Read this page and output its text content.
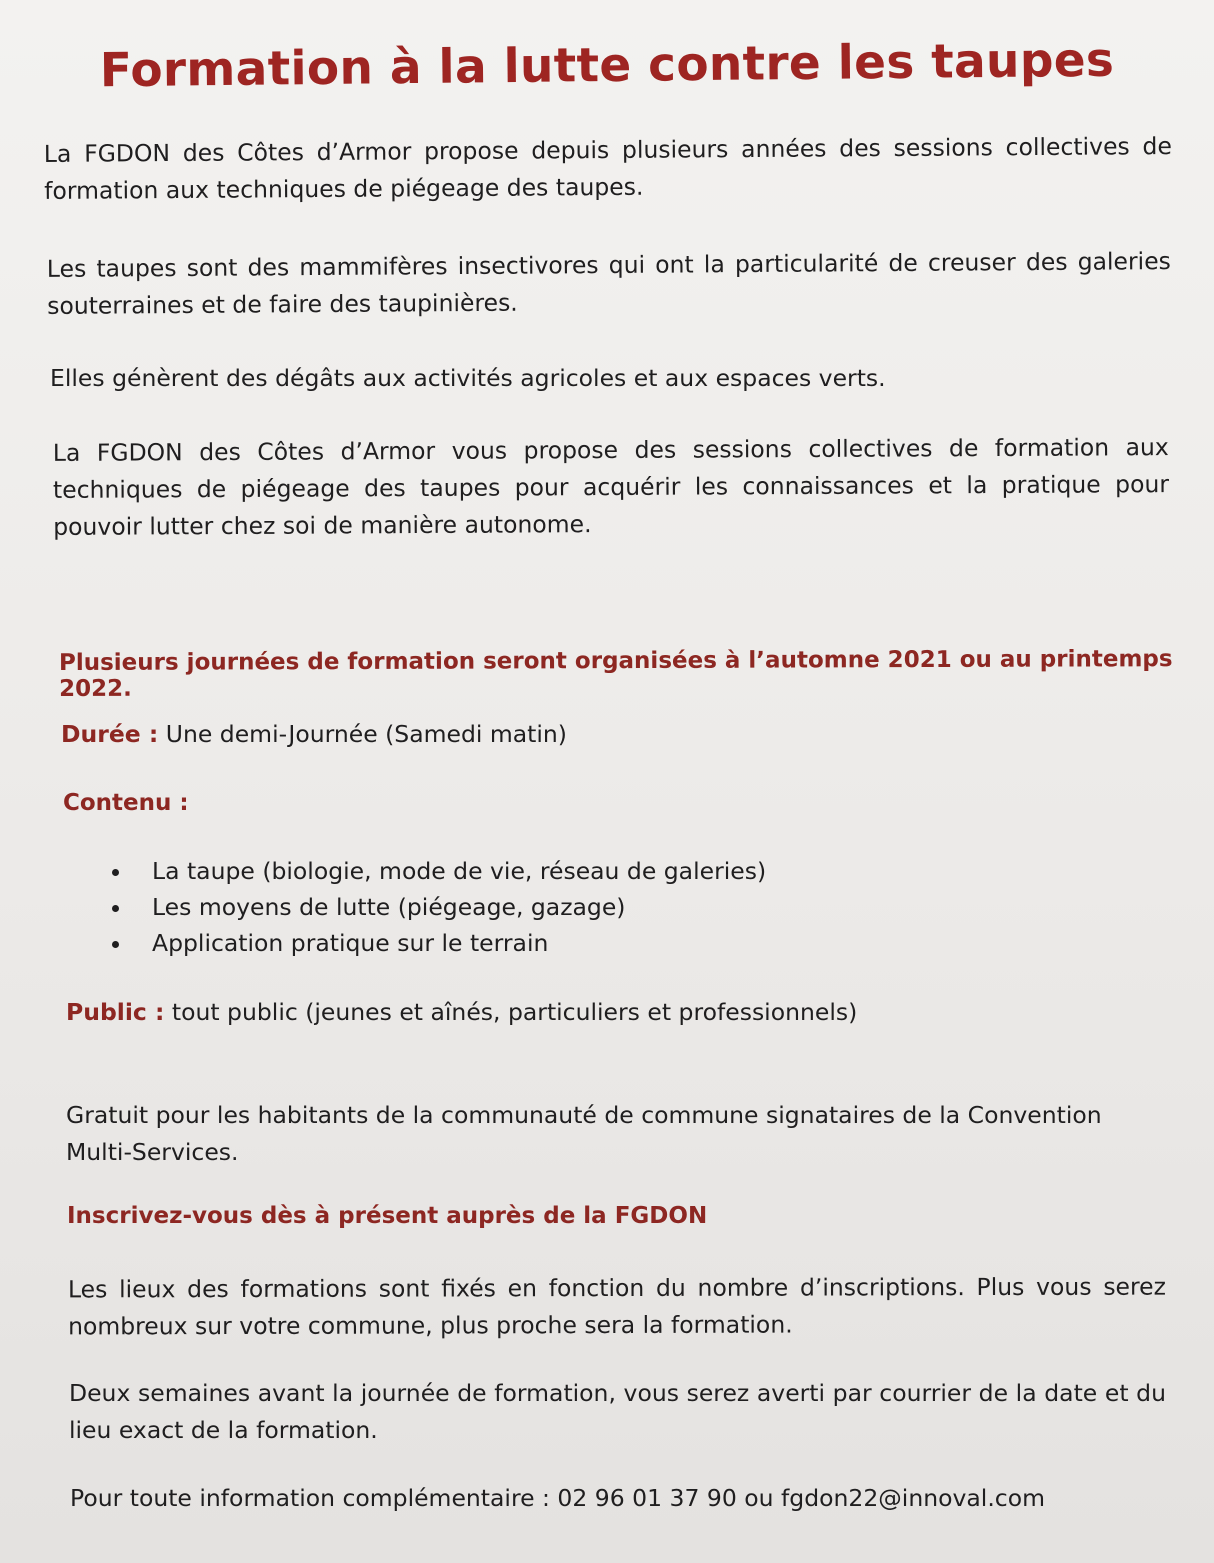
Formation à la lutte contre les taupes

La FGDON des Côtes d’Armor propose depuis plusieurs années des sessions collectives de formation aux techniques de piégeage des taupes.

Les taupes sont des mammifères insectivores qui ont la particularité de creuser des galeries souterraines et de faire des taupinières.

Elles génèrent des dégâts aux activités agricoles et aux espaces verts.

La FGDON des Côtes d’Armor vous propose des sessions collectives de formation aux techniques de piégeage des taupes pour acquérir les connaissances et la pratique pour pouvoir lutter chez soi de manière autonome.

Plusieurs journées de formation seront organisées à l’automne 2021 ou au printemps 2022.
Durée : Une demi-Journée (Samedi matin)
Contenu :
La taupe (biologie, mode de vie, réseau de galeries)
Les moyens de lutte (piégeage, gazage)
Application pratique sur le terrain
Public : tout public (jeunes et aînés, particuliers et professionnels)

Gratuit pour les habitants de la communauté de commune signataires de la Convention Multi-Services.

Inscrivez-vous dès à présent auprès de la FGDON

Les lieux des formations sont fixés en fonction du nombre d’inscriptions. Plus vous serez nombreux sur votre commune, plus proche sera la formation.

Deux semaines avant la journée de formation, vous serez averti par courrier de la date et du lieu exact de la formation.

Pour toute information complémentaire : 02 96 01 37 90 ou fgdon22@innoval.com
